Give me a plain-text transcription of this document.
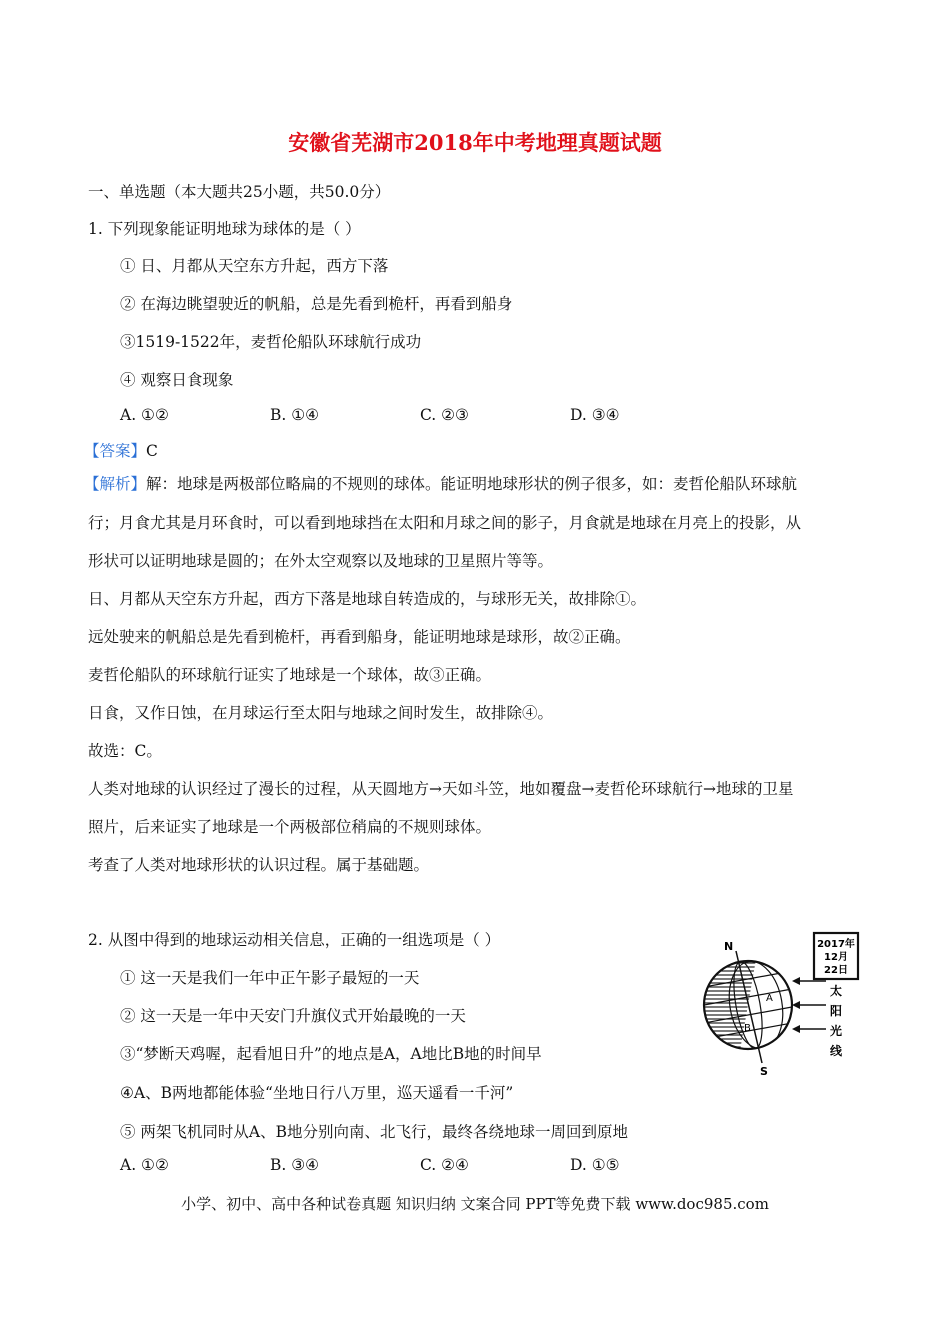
安徽省芜湖市2018年中考地理真题试题
一、单选题（本大题共25小题，共50.0分）
1. 下列现象能证明地球为球体的是（ ）
① 日、月都从天空东方升起，西方下落
② 在海边眺望驶近的帆船，总是先看到桅杆，再看到船身
③1519-1522年，麦哲伦船队环球航行成功
④ 观察日食现象
A. ①②	B. ①④	C. ②③	D. ③④
【答案】C
【解析】解：地球是两极部位略扁的不规则的球体。能证明地球形状的例子很多，如：麦哲伦船队环球航
行；月食尤其是月环食时，可以看到地球挡在太阳和月球之间的影子，月食就是地球在月亮上的投影，从
形状可以证明地球是圆的；在外太空观察以及地球的卫星照片等等。
日、月都从天空东方升起，西方下落是地球自转造成的，与球形无关，故排除①。
远处驶来的帆船总是先看到桅杆，再看到船身，能证明地球是球形，故②正确。
麦哲伦船队的环球航行证实了地球是一个球体，故③正确。
日食，又作日蚀，在月球运行至太阳与地球之间时发生，故排除④。
故选：C。
人类对地球的认识经过了漫长的过程，从天圆地方→天如斗笠，地如覆盘→麦哲伦环球航行→地球的卫星
照片，后来证实了地球是一个两极部位稍扁的不规则球体。
考查了人类对地球形状的认识过程。属于基础题。
2. 从图中得到的地球运动相关信息，正确的一组选项是（ ）
① 这一天是我们一年中正午影子最短的一天
② 这一天是一年中天安门升旗仪式开始最晚的一天
③“梦断天鸡喔，起看旭日升”的地点是A，A地比B地的时间早
④A、B两地都能体验“坐地日行八万里，巡天遥看一千河”
⑤ 两架飞机同时从A、B地分别向南、北飞行，最终各绕地球一周回到原地
A. ①②	B. ③④	C. ②④	D. ①⑤
N
S
A
B
2017年
12月
22日
太
阳
光
线
小学、初中、高中各种试卷真题 知识归纳 文案合同 PPT等免费下载 www.doc985.com
